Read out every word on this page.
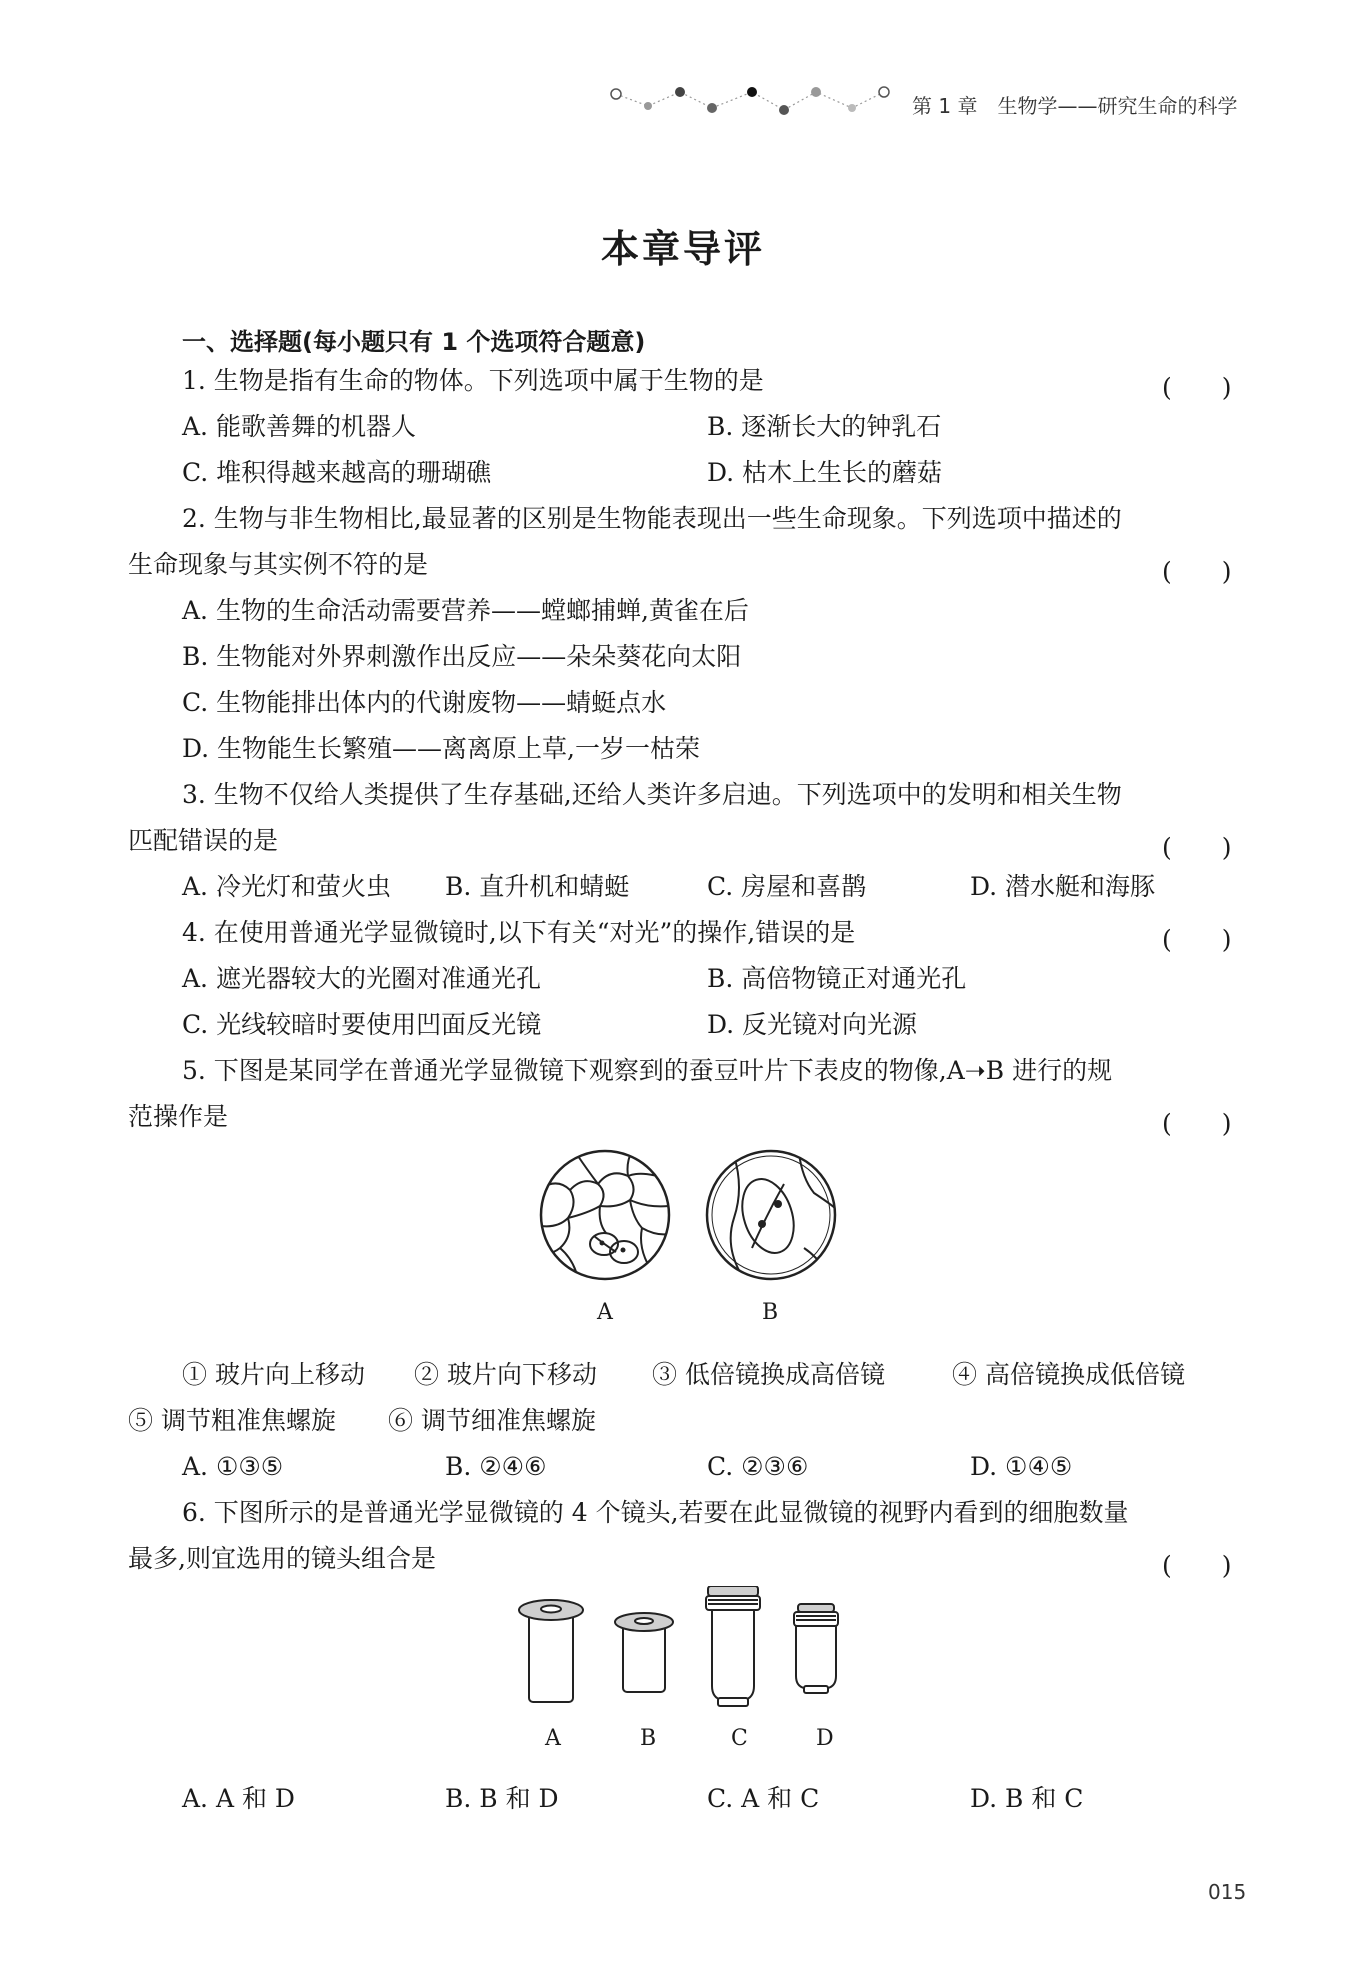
第 1 章　生物学——研究生命的科学
本章导评
一、选择题(每小题只有 1 个选项符合题意)
1. 生物是指有生命的物体。下列选项中属于生物的是	(　　)
A. 能歌善舞的机器人	B. 逐渐长大的钟乳石
C. 堆积得越来越高的珊瑚礁	D. 枯木上生长的蘑菇
2. 生物与非生物相比,最显著的区别是生物能表现出一些生命现象。下列选项中描述的
生命现象与其实例不符的是	(　　)
A. 生物的生命活动需要营养——螳螂捕蝉,黄雀在后
B. 生物能对外界刺激作出反应——朵朵葵花向太阳
C. 生物能排出体内的代谢废物——蜻蜓点水
D. 生物能生长繁殖——离离原上草,一岁一枯荣
3. 生物不仅给人类提供了生存基础,还给人类许多启迪。下列选项中的发明和相关生物
匹配错误的是	(　　)
A. 冷光灯和萤火虫 B. 直升机和蜻蜓	C. 房屋和喜鹊	D. 潜水艇和海豚
4. 在使用普通光学显微镜时,以下有关“对光”的操作,错误的是	(　　)
A. 遮光器较大的光圈对准通光孔	B. 高倍物镜正对通光孔
C. 光线较暗时要使用凹面反光镜	D. 反光镜对向光源
5. 下图是某同学在普通光学显微镜下观察到的蚕豆叶片下表皮的物像,A➝B 进行的规
范操作是	(　　)
A	B
① 玻片向上移动 ② 玻片向下移动 ③ 低倍镜换成高倍镜	④ 高倍镜换成低倍镜
⑤ 调节粗准焦螺旋 ⑥ 调节细准焦螺旋
A. ①③⑤	B. ②④⑥	C. ②③⑥	D. ①④⑤
6. 下图所示的是普通光学显微镜的 4 个镜头,若要在此显微镜的视野内看到的细胞数量
最多,则宜选用的镜头组合是	(　　)
A	B	C	D
A. A 和 D	B. B 和 D	C. A 和 C	D. B 和 C
015
